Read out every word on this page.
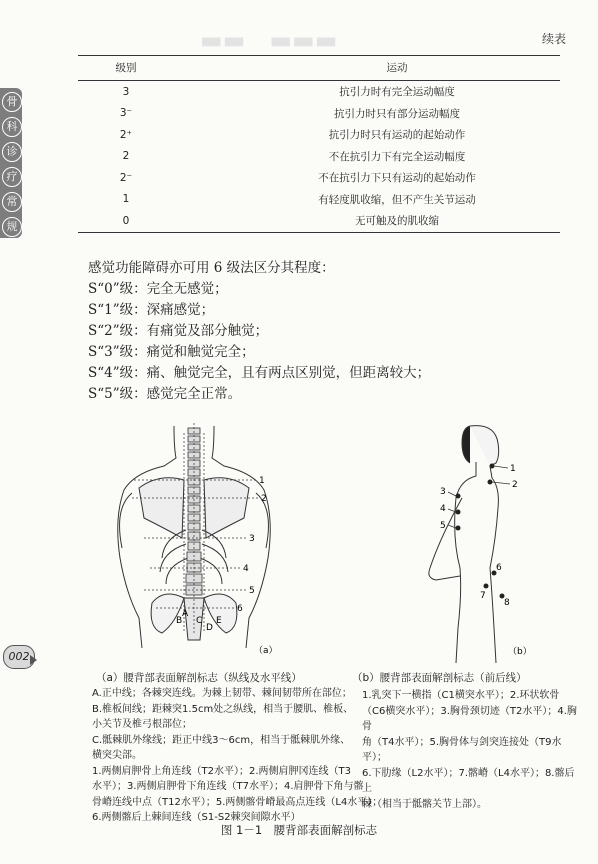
▬▬　▬▬▬
骨
科
诊
疗
常
规
002
续表
级别	运动
3	抗引力时有完全运动幅度
3⁻	抗引力时只有部分运动幅度
2⁺	抗引力时只有运动的起始动作
2	不在抗引力下有完全运动幅度
2⁻	不在抗引力下只有运动的起始动作
1	有轻度肌收缩，但不产生关节运动
0	无可触及的肌收缩
感觉功能障碍亦可用 6 级法区分其程度：
S“0”级：完全无感觉；
S“1”级：深痛感觉；
S“2”级：有痛觉及部分触觉；
S“3”级：痛觉和触觉完全；
S“4”级：痛、触觉完全，且有两点区别觉，但距离较大；
S“5”级：感觉完全正常。
A
B C
D
E
1
2
3
4
5
6
（a）
1
2
3
4
5
6
7
8
（b）
（a）腰背部表面解剖标志（纵线及水平线）	（b）腰背部表面解剖标志（前后线）
A.正中线；各棘突连线。为棘上韧带、棘间韧带所在部位；
B.椎板间线；距棘突1.5cm处之纵线，相当于腰肌、椎板、
小关节及椎弓根部位；
C.骶棘肌外缘线；距正中线3～6cm，相当于骶棘肌外缘、
横突尖部。
1.两侧肩胛骨上角连线（T2水平）；2.两侧肩胛冈连线（T3
水平）；3.两侧肩胛骨下角连线（T7水平）；4.肩胛骨下角与髂
骨嵴连线中点（T12水平）；5.两侧髂骨嵴最高点连线（L4水平）；
6.两侧髂后上棘间连线（S1-S2棘突间隙水平）
1.乳突下一横指（C1横突水平）；2.环状软骨
（C6横突水平）；3.胸骨颈切迹（T2水平）；4.胸骨
角（T4水平）；5.胸骨体与剑突连接处（T9水平）；
6.下肋缘（L2水平）；7.髂嵴（L4水平）；8.髂后上
棘（相当于骶髂关节上部）。
图 1－1　腰背部表面解剖标志
